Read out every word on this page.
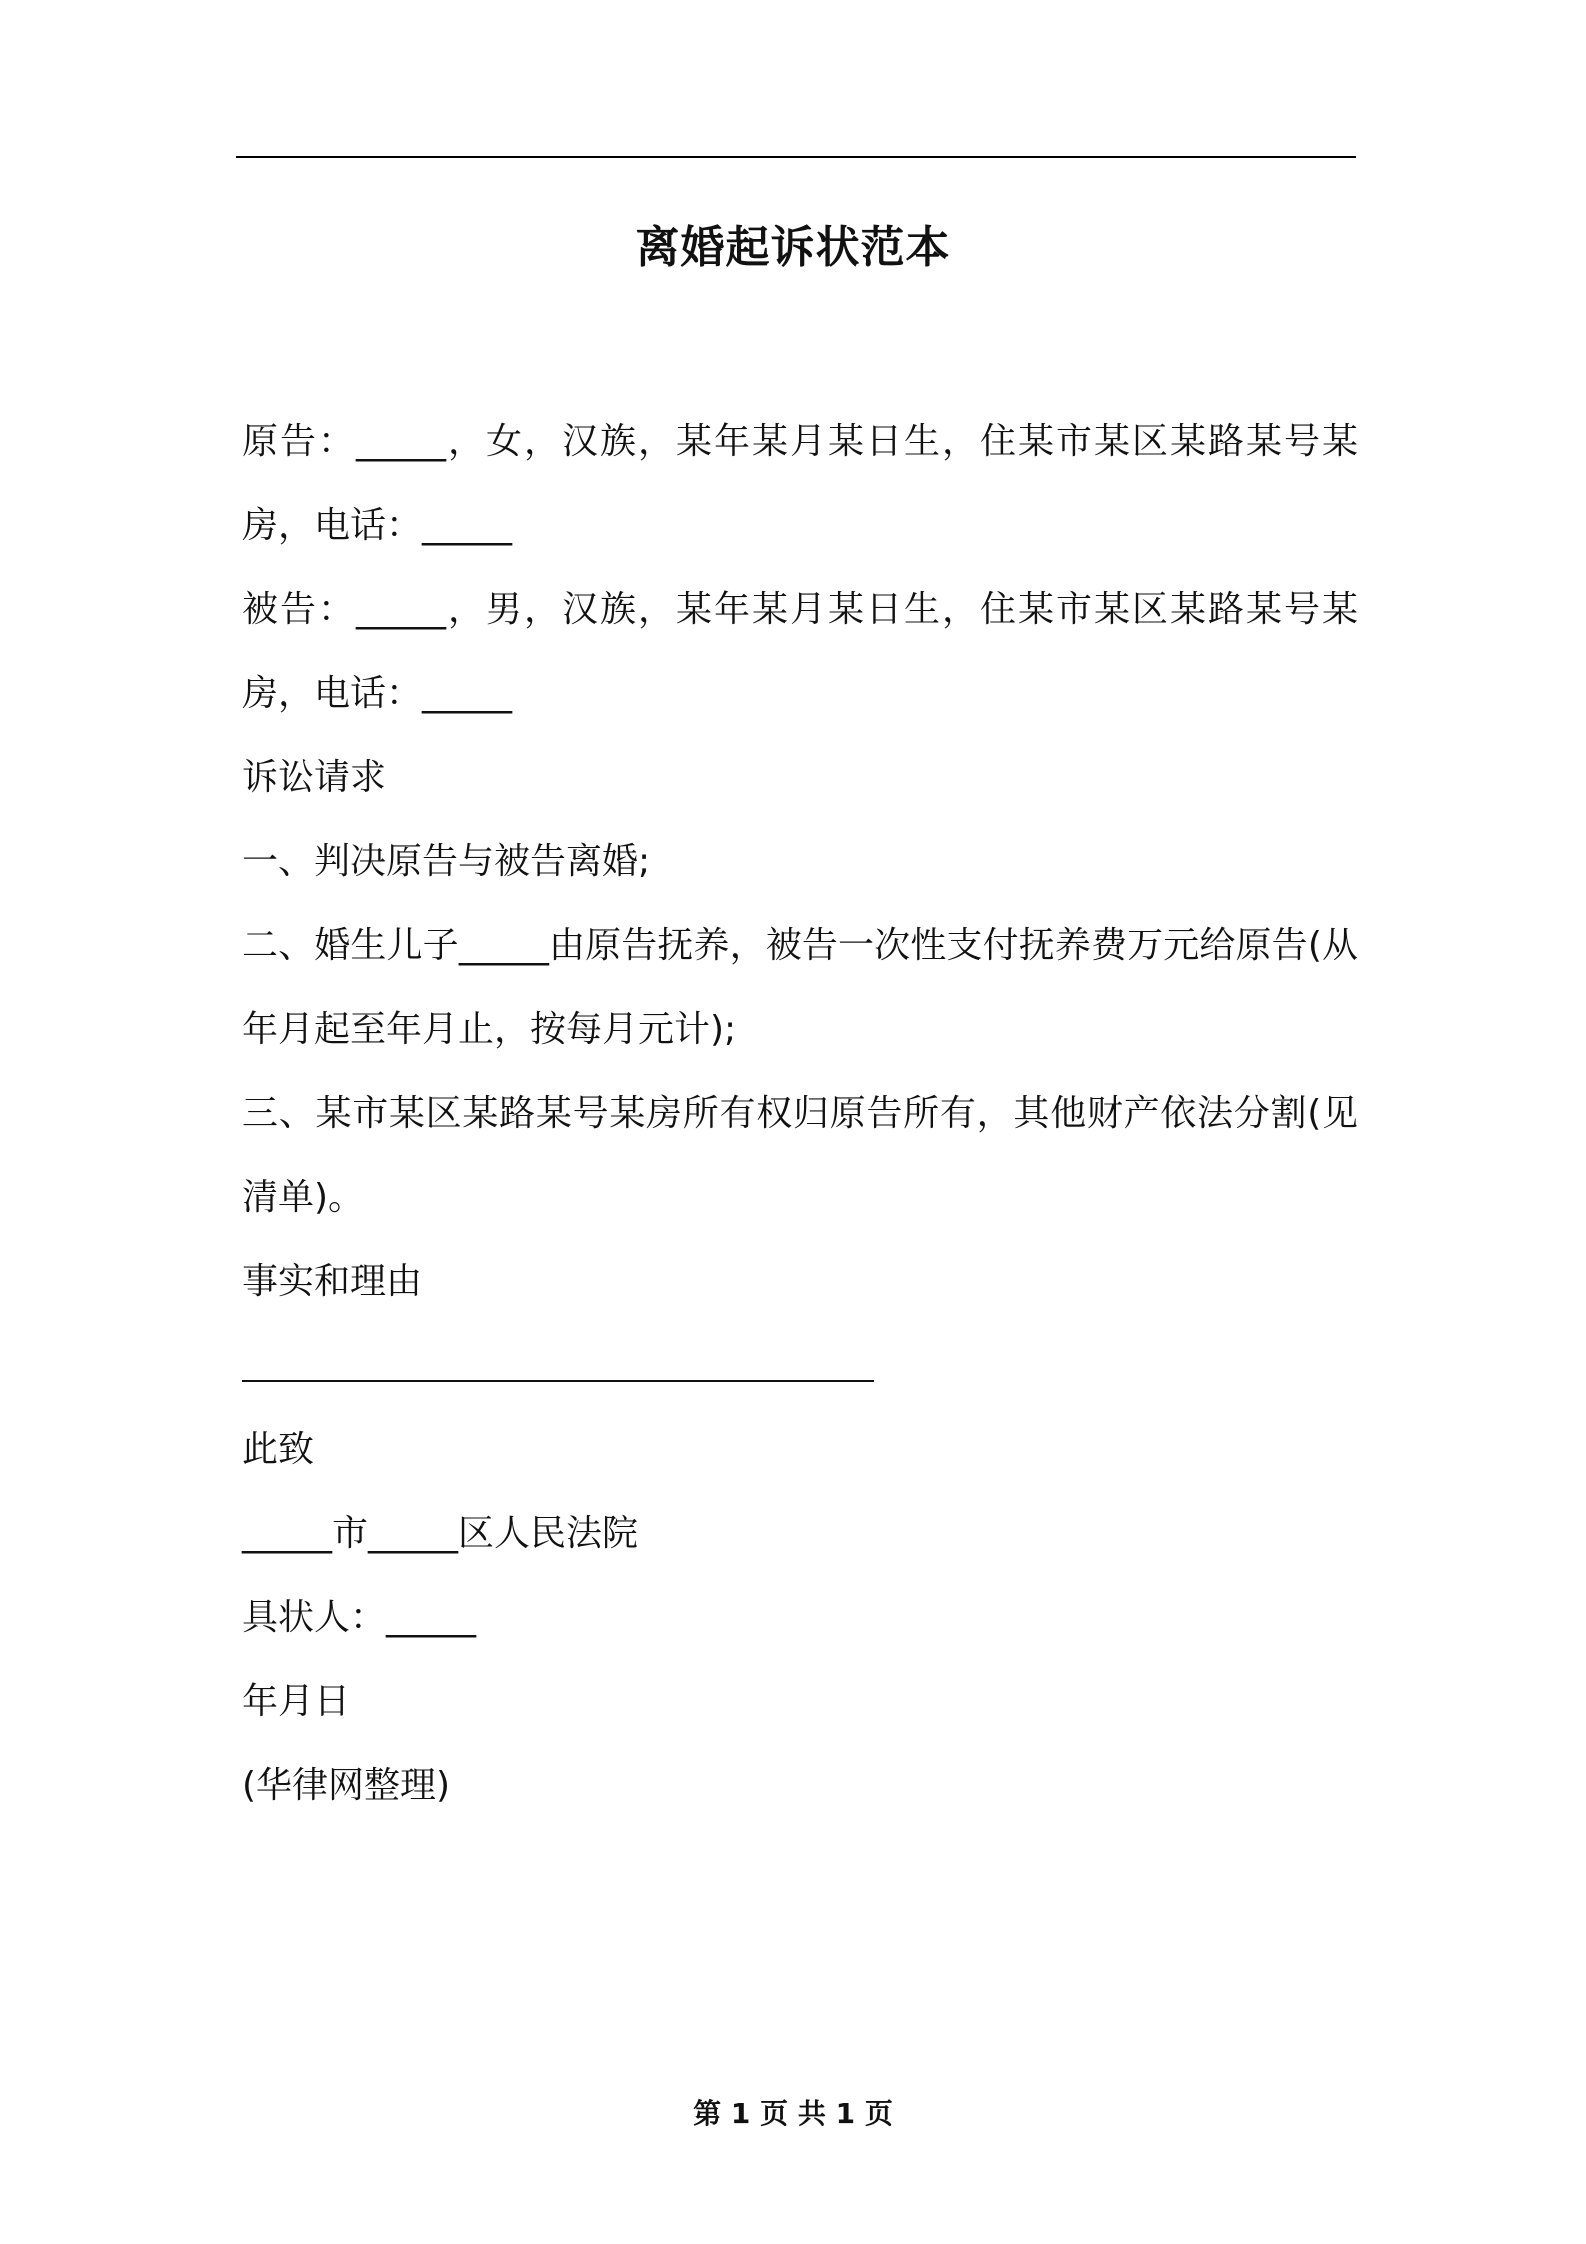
离婚起诉状范本

原告：_____，女，汉族，某年某月某日生，住某市某区某路某号某房，电话：_____

被告：_____，男，汉族，某年某月某日生，住某市某区某路某号某房，电话：_____

诉讼请求

一、判决原告与被告离婚;

二、婚生儿子_____由原告抚养，被告一次性支付抚养费万元给原告(从年月起至年月止，按每月元计);

三、某市某区某路某号某房所有权归原告所有，其他财产依法分割(见清单)。

事实和理由

此致

_____市_____区人民法院

具状人：_____

年月日

(华律网整理)

第 1 页 共 1 页
